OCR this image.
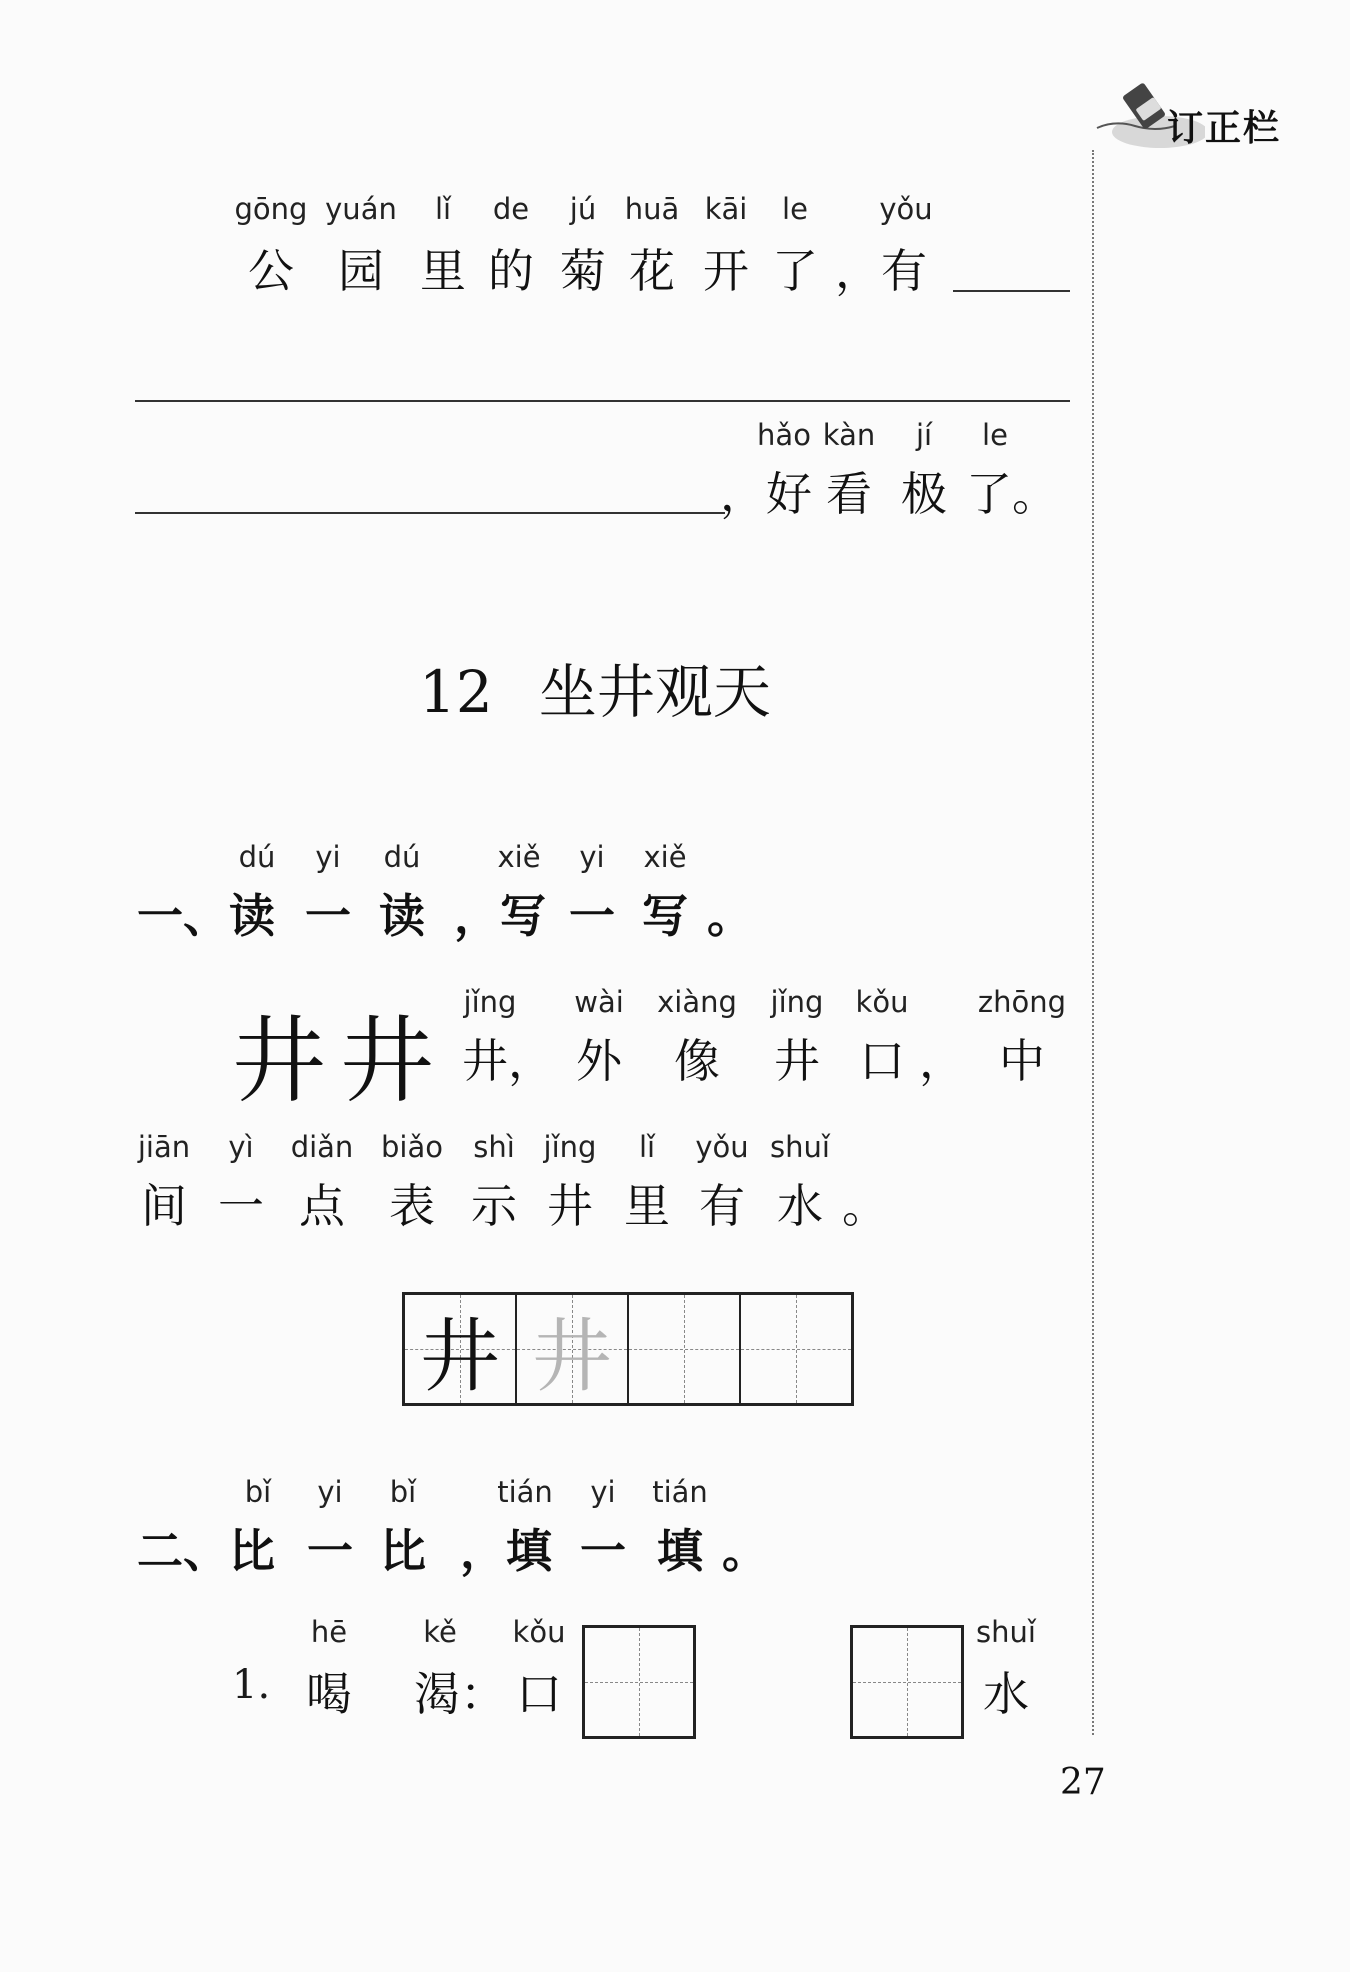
订正栏
gōng yuán lǐ de jú huā kāi le yǒu
公 园 里 的 菊 花 开 了 ，有
hǎo kàn jí le
，好 看 极 了。
12 坐井观天
dú yi dú	xiě yi xiě
一、读 一 读 ，写 一 写 。
井 井
jǐng wài xiàng jǐng kǒu zhōng
井， 外 像 井 口 ， 中
jiān yì diǎn biǎo shì jǐng lǐ yǒu shuǐ
间 一 点 表 示 井 里 有 水 。
井 井
bǐ yi bǐ	tián yi tián
二、比 一 比 ，填 一 填 。
hē	kě kǒu	shuǐ
1. 喝 渴： 口	水
27
